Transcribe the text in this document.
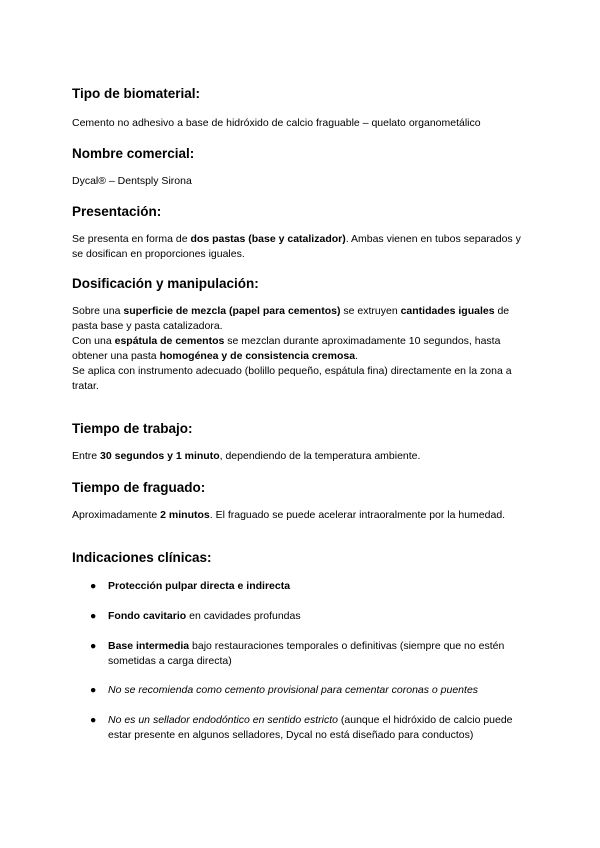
Tipo de biomaterial:

Cemento no adhesivo a base de hidróxido de calcio fraguable – quelato organometálico

Nombre comercial:

Dycal® – Dentsply Sirona

Presentación:

Se presenta en forma de dos pastas (base y catalizador). Ambas vienen en tubos separados y se dosifican en proporciones iguales.

Dosificación y manipulación:

Sobre una superficie de mezcla (papel para cementos) se extruyen cantidades iguales de pasta base y pasta catalizadora.

Con una espátula de cementos se mezclan durante aproximadamente 10 segundos, hasta obtener una pasta homogénea y de consistencia cremosa.

Se aplica con instrumento adecuado (bolillo pequeño, espátula fina) directamente en la zona a tratar.

Tiempo de trabajo:

Entre 30 segundos y 1 minuto, dependiendo de la temperatura ambiente.

Tiempo de fraguado:

Aproximadamente 2 minutos. El fraguado se puede acelerar intraoralmente por la humedad.

Indicaciones clínicas:
● Protección pulpar directa e indirecta

● Fondo cavitario en cavidades profundas

● Base intermedia bajo restauraciones temporales o definitivas (siempre que no estén sometidas a carga directa)

● No se recomienda como cemento provisional para cementar coronas o puentes

● No es un sellador endodóntico en sentido estricto (aunque el hidróxido de calcio puede estar presente en algunos selladores, Dycal no está diseñado para conductos)
